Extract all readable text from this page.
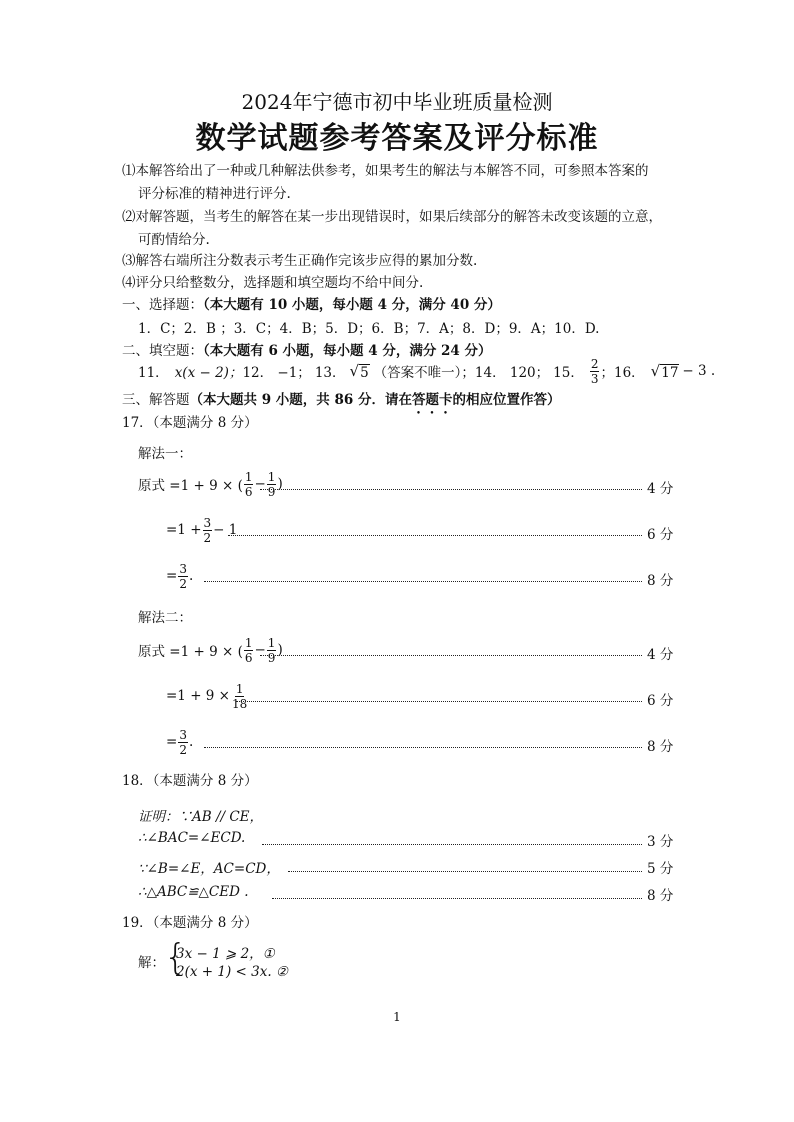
2024年宁德市初中毕业班质量检测
数学试题参考答案及评分标准
⑴本解答给出了一种或几种解法供参考，如果考生的解法与本解答不同，可参照本答案的
评分标准的精神进行评分.
⑵对解答题，当考生的解答在某一步出现错误时，如果后续部分的解答未改变该题的立意，
可酌情给分.
⑶解答右端所注分数表示考生正确作完该步应得的累加分数.
⑷评分只给整数分，选择题和填空题均不给中间分.
一、选择题：（本大题有 10 小题，每小题 4 分，满分 40 分）
1．C；2．B ；3．C；4．B；5．D；6．B；7．A；8．D；9．A；10．D.
二、填空题：（本大题有 6 小题，每小题 4 分，满分 24 分）
11． x(x − 2)； 12． −1； 13． √ 5 （答案不唯一）； 14． 120； 15． $\frac{2}{3}$ ； 16． √ 17 − 3 .
三、解答题（本大题共 9 小题，共 86 分．请在答题卡的相应位置作答）
17．（本题满分 8 分）
解法一：
原式 =1 + 9 × ( $\frac{1}{6} - \frac{1}{9}$ )	4 分
$=1 + \frac{3}{2} - 1$	6 分
= $\frac{3}{2}$ .	8 分
解法二：
原式 =1 + 9 × ( $\frac{1}{6} - \frac{1}{9}$ )	4 分
$=1 + 9 \times \frac{1}{18}$	6 分
= $\frac{3}{2}$ .	8 分
18．（本题满分 8 分）
证明：∵AB // CE，
∴∠BAC=∠ECD.	3 分
∵∠B=∠E，AC=CD，	5 分
∴△ABC≌△CED .	8 分
19．（本题满分 8 分）
解： {
3x − 1 ⩾ 2，①
2(x + 1) < 3x. ②
1
